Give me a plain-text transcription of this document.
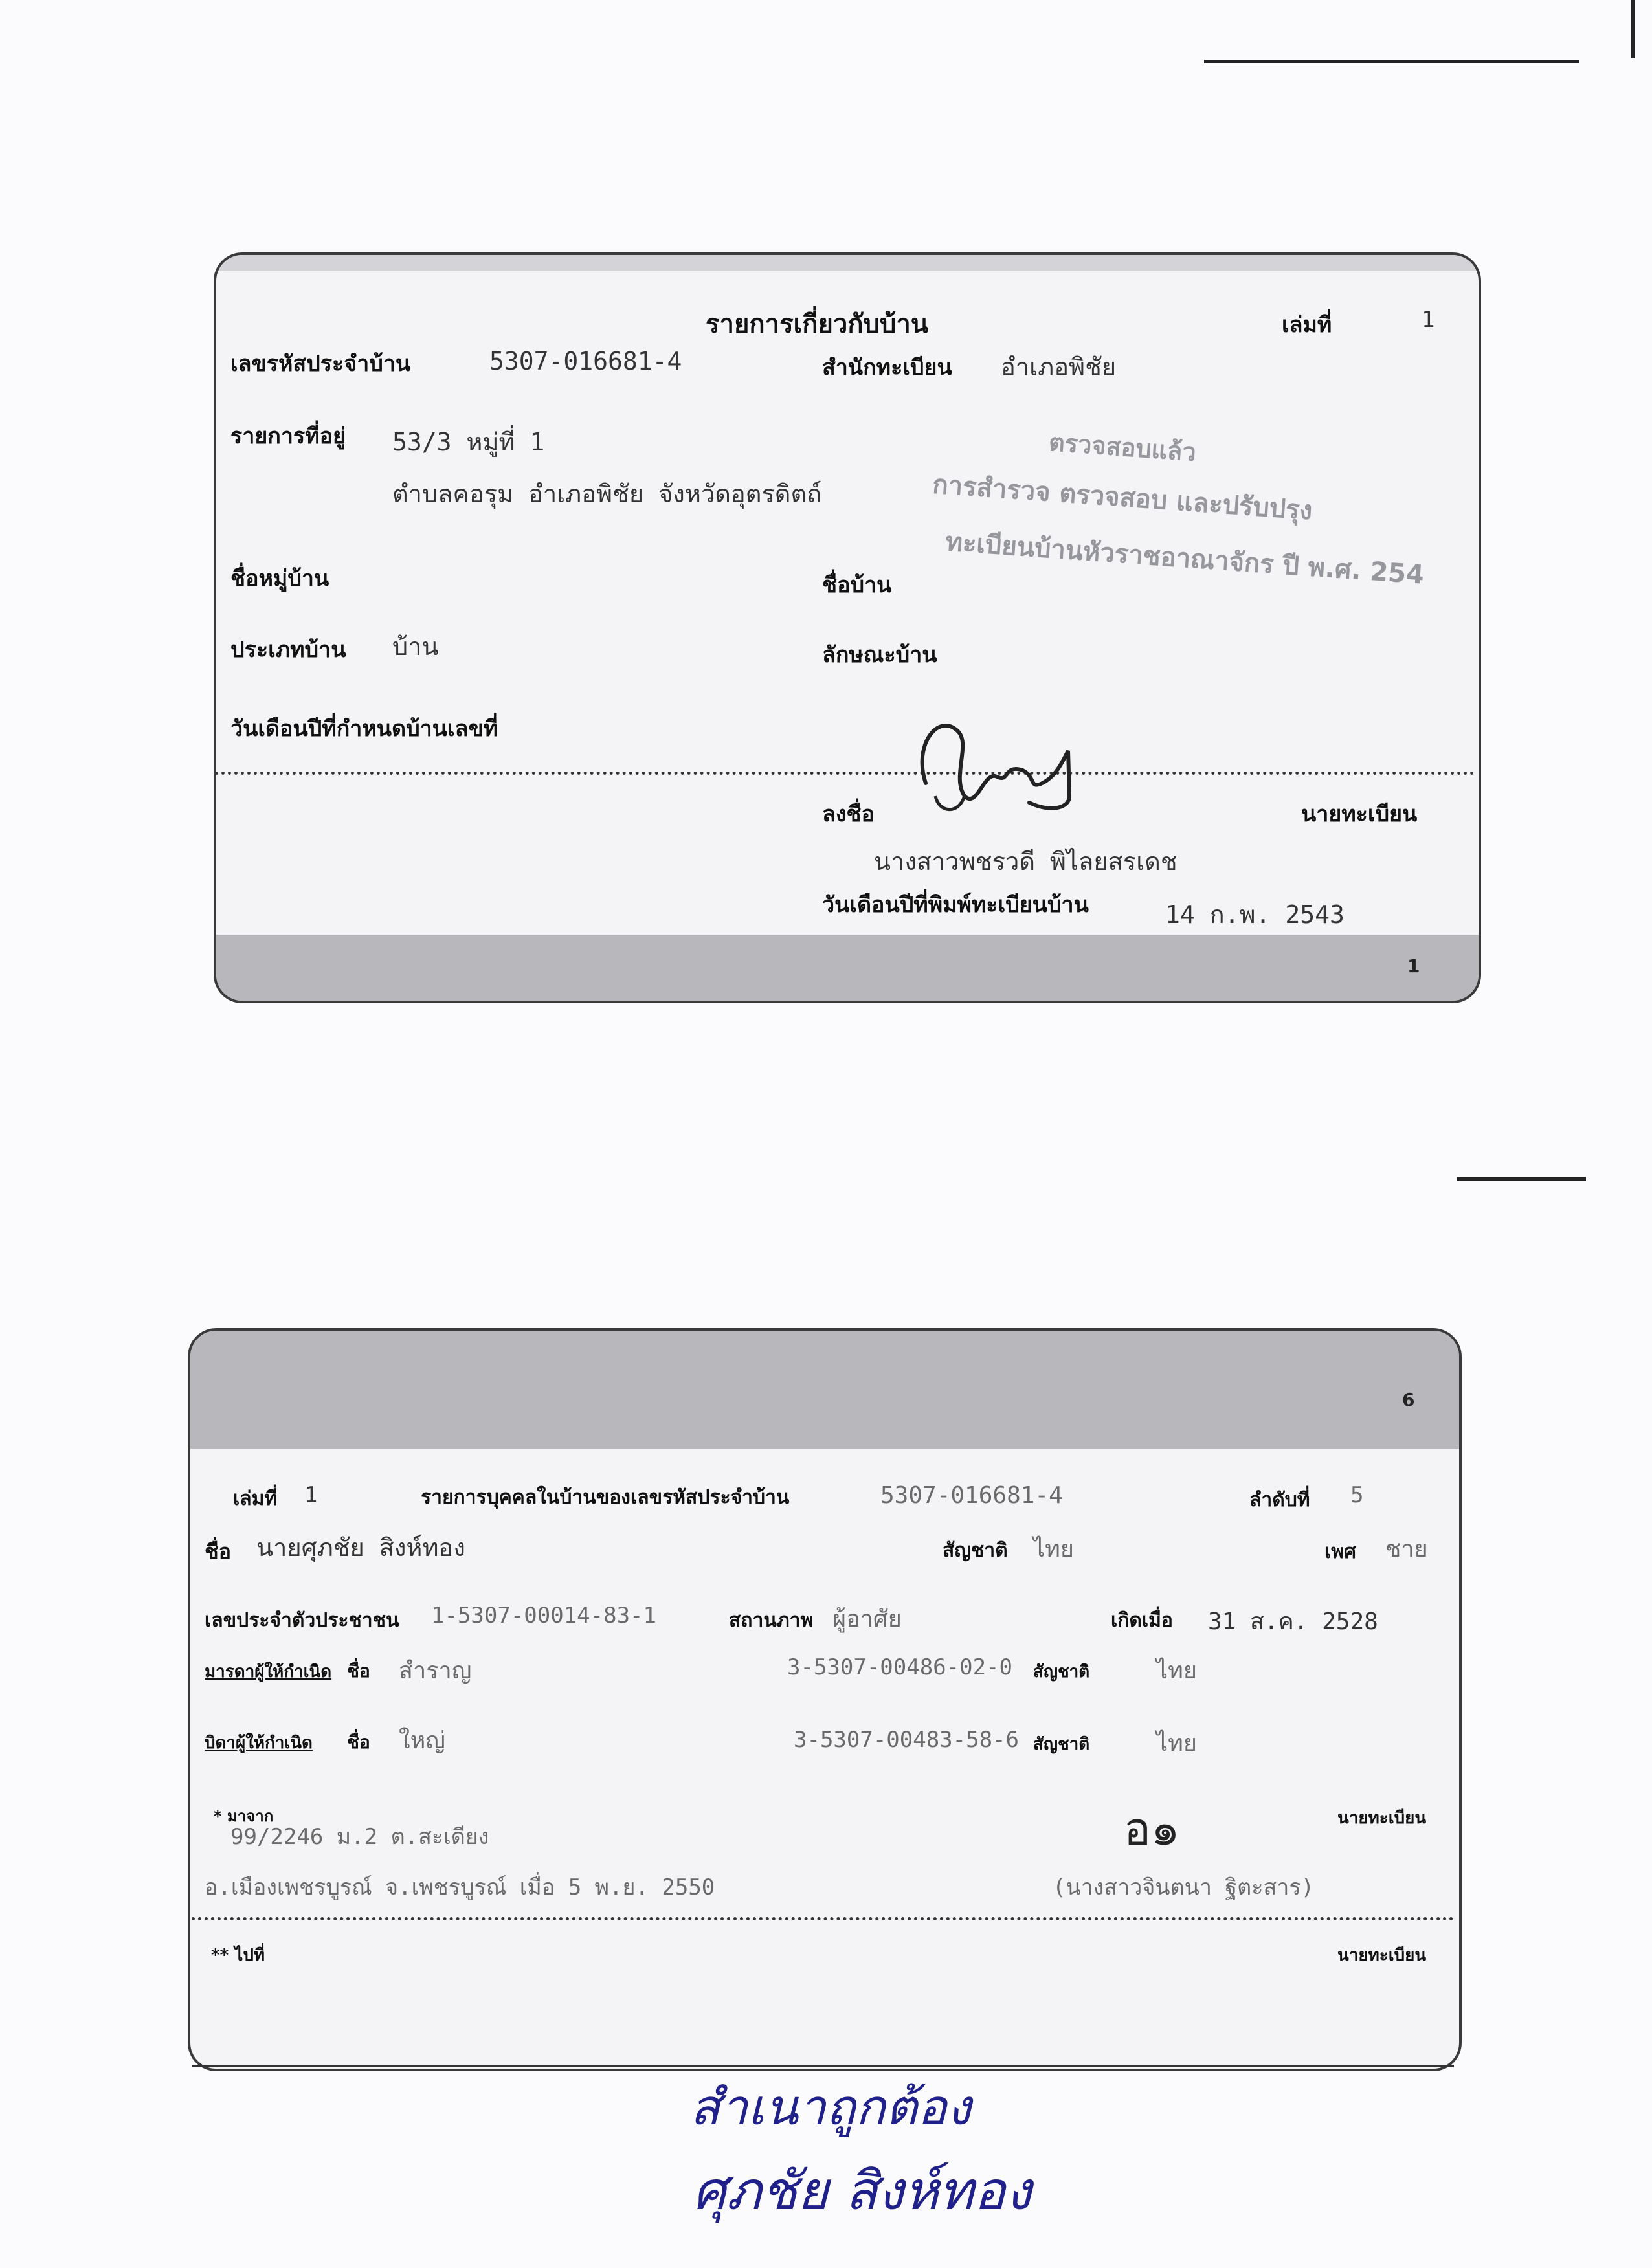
รายการเกี่ยวกับบ้าน	เล่มที่	1
เลขรหัสประจำบ้าน	5307-016681-4	สำนักทะเบียน อำเภอพิชัย
รายการที่อยู่ 53/3 หมู่ที่ 1
ตำบลคอรุม อำเภอพิชัย จังหวัดอุตรดิตถ์
ชื่อหมู่บ้าน	ชื่อบ้าน
ประเภทบ้าน บ้าน	ลักษณะบ้าน
วันเดือนปีที่กำหนดบ้านเลขที่
ลงชื่อ	นายทะเบียน
นางสาวพชรวดี พิไลยสรเดช
วันเดือนปีที่พิมพ์ทะเบียนบ้าน	14 ก.พ. 2543
1
ตรวจสอบแล้ว
การสำรวจ ตรวจสอบ และปรับปรุง
ทะเบียนบ้านหัวราชอาณาจักร ปี พ.ศ. 254
6
เล่มที่ 1	รายการบุคคลในบ้านของเลขรหัสประจำบ้าน	5307-016681-4	ลำดับที่ 5
ชื่อ นายศุภชัย สิงห์ทอง	สัญชาติ ไทย	เพศ ชาย
เลขประจำตัวประชาชน 1-5307-00014-83-1	สถานภาพ ผู้อาศัย	เกิดเมื่อ 31 ส.ค. 2528
มารดาผู้ให้กำเนิด ชื่อ สำราญ	3-5307-00486-02-0 สัญชาติ	ไทย
บิดาผู้ให้กำเนิด ชื่อ ใหญ่	3-5307-00483-58-6 สัญชาติ	ไทย
* มาจาก
99/2246 ม.2 ต.สะเดียง
อ.เมืองเพชรบูรณ์ จ.เพชรบูรณ์ เมื่อ 5 พ.ย. 2550
อ๑	นายทะเบียน
(นางสาวจินตนา ฐิตะสาร)
** ไปที่	นายทะเบียน
สำเนาถูกต้อง
ศุภชัย สิงห์ทอง
